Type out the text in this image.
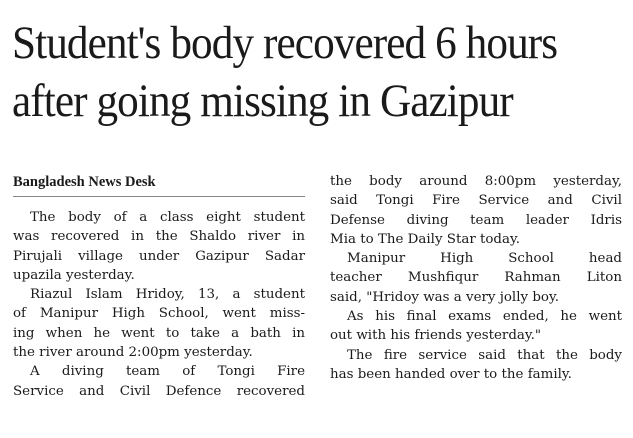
Student's body recovered 6 hours
after going missing in Gazipur
Bangladesh News Desk
The body of a class eight student
was recovered in the Shaldo river in
Pirujali village under Gazipur Sadar
upazila yesterday.
Riazul Islam Hridoy, 13, a student
of Manipur High School, went miss-
ing when he went to take a bath in
the river around 2:00pm yesterday.
A diving team of Tongi Fire
Service and Civil Defence recovered
the body around 8:00pm yesterday,
said Tongi Fire Service and Civil
Defense diving team leader Idris
Mia to The Daily Star today.
Manipur High School head
teacher Mushfiqur Rahman Liton
said, "Hridoy was a very jolly boy.
As his final exams ended, he went
out with his friends yesterday."
The fire service said that the body
has been handed over to the family.
